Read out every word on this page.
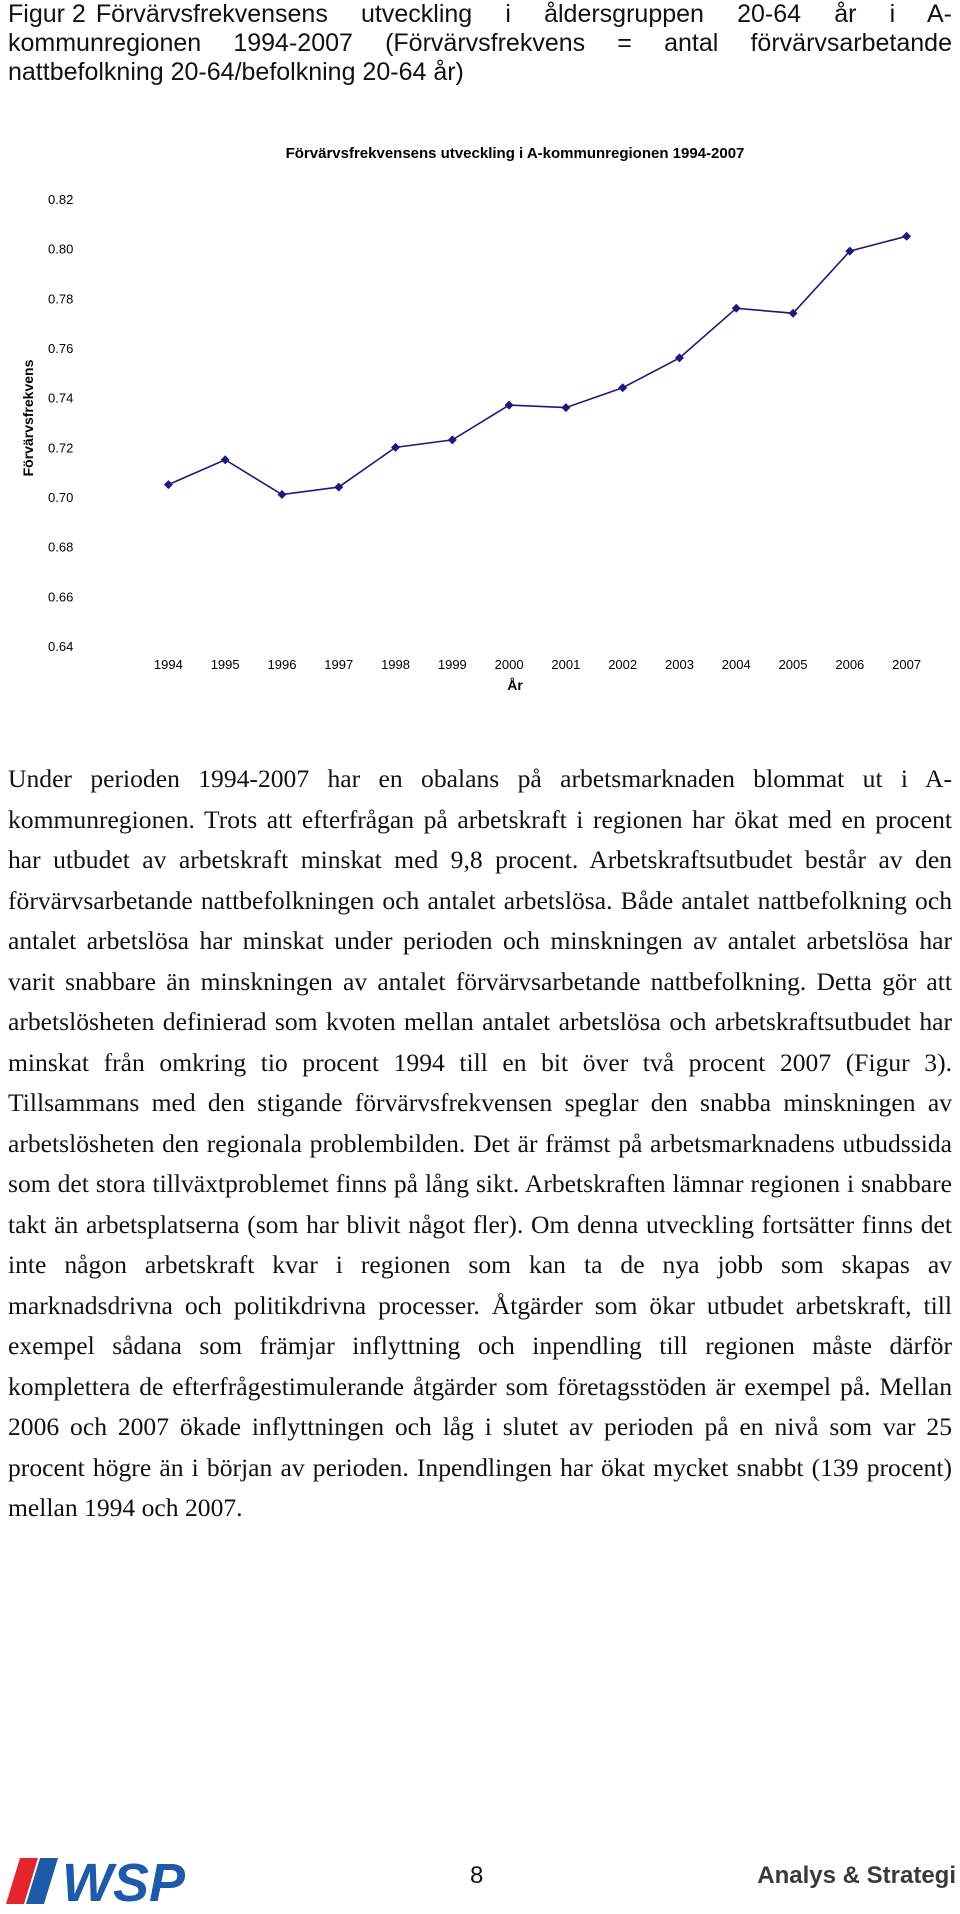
Figur 2 Förvärvsfrekvensens utveckling i åldersgruppen 20-64 år i A-kommunregionen 1994-2007 (Förvärvsfrekvens = antal förvärvsarbetande nattbefolkning 20-64/befolkning 20-64 år)
Förvärvsfrekvensens utveckling i A-kommunregionen 1994-2007
Förvärvsfrekvens
År
0.64
0.66
0.68
0.70
0.72
0.74
0.76
0.78
0.80
0.82
1994 1995 1996 1997 1998 1999 2000 2001 2002 2003 2004 2005 2006 2007
Under perioden 1994-2007 har en obalans på arbetsmarknaden blommat ut i A-kommunregionen. Trots att efterfrågan på arbetskraft i regionen har ökat med en procent har utbudet av arbetskraft minskat med 9,8 procent. Arbetskraftsutbudet består av den förvärvsarbetande nattbefolkningen och antalet arbetslösa. Både antalet nattbefolkning och antalet arbetslösa har minskat under perioden och minskningen av antalet arbetslösa har varit snabbare än minskningen av antalet förvärvsarbetande nattbefolkning. Detta gör att arbetslösheten definierad som kvoten mellan antalet arbetslösa och arbetskraftsutbudet har minskat från omkring tio procent 1994 till en bit över två procent 2007 (Figur 3). Tillsammans med den stigande förvärvsfrekvensen speglar den snabba minskningen av arbetslösheten den regionala problembilden. Det är främst på arbetsmarknadens utbudssida som det stora tillväxtproblemet finns på lång sikt. Arbetskraften lämnar regionen i snabbare takt än arbetsplatserna (som har blivit något fler). Om denna utveckling fortsätter finns det inte någon arbetskraft kvar i regionen som kan ta de nya jobb som skapas av marknadsdrivna och politikdrivna processer. Åtgärder som ökar utbudet arbetskraft, till exempel sådana som främjar inflyttning och inpendling till regionen måste därför komplettera de efterfrågestimulerande åtgärder som företagsstöden är exempel på. Mellan 2006 och 2007 ökade inflyttningen och låg i slutet av perioden på en nivå som var 25 procent högre än i början av perioden. Inpendlingen har ökat mycket snabbt (139 procent) mellan 1994 och 2007.
WSP	8	Analys & Strategi
